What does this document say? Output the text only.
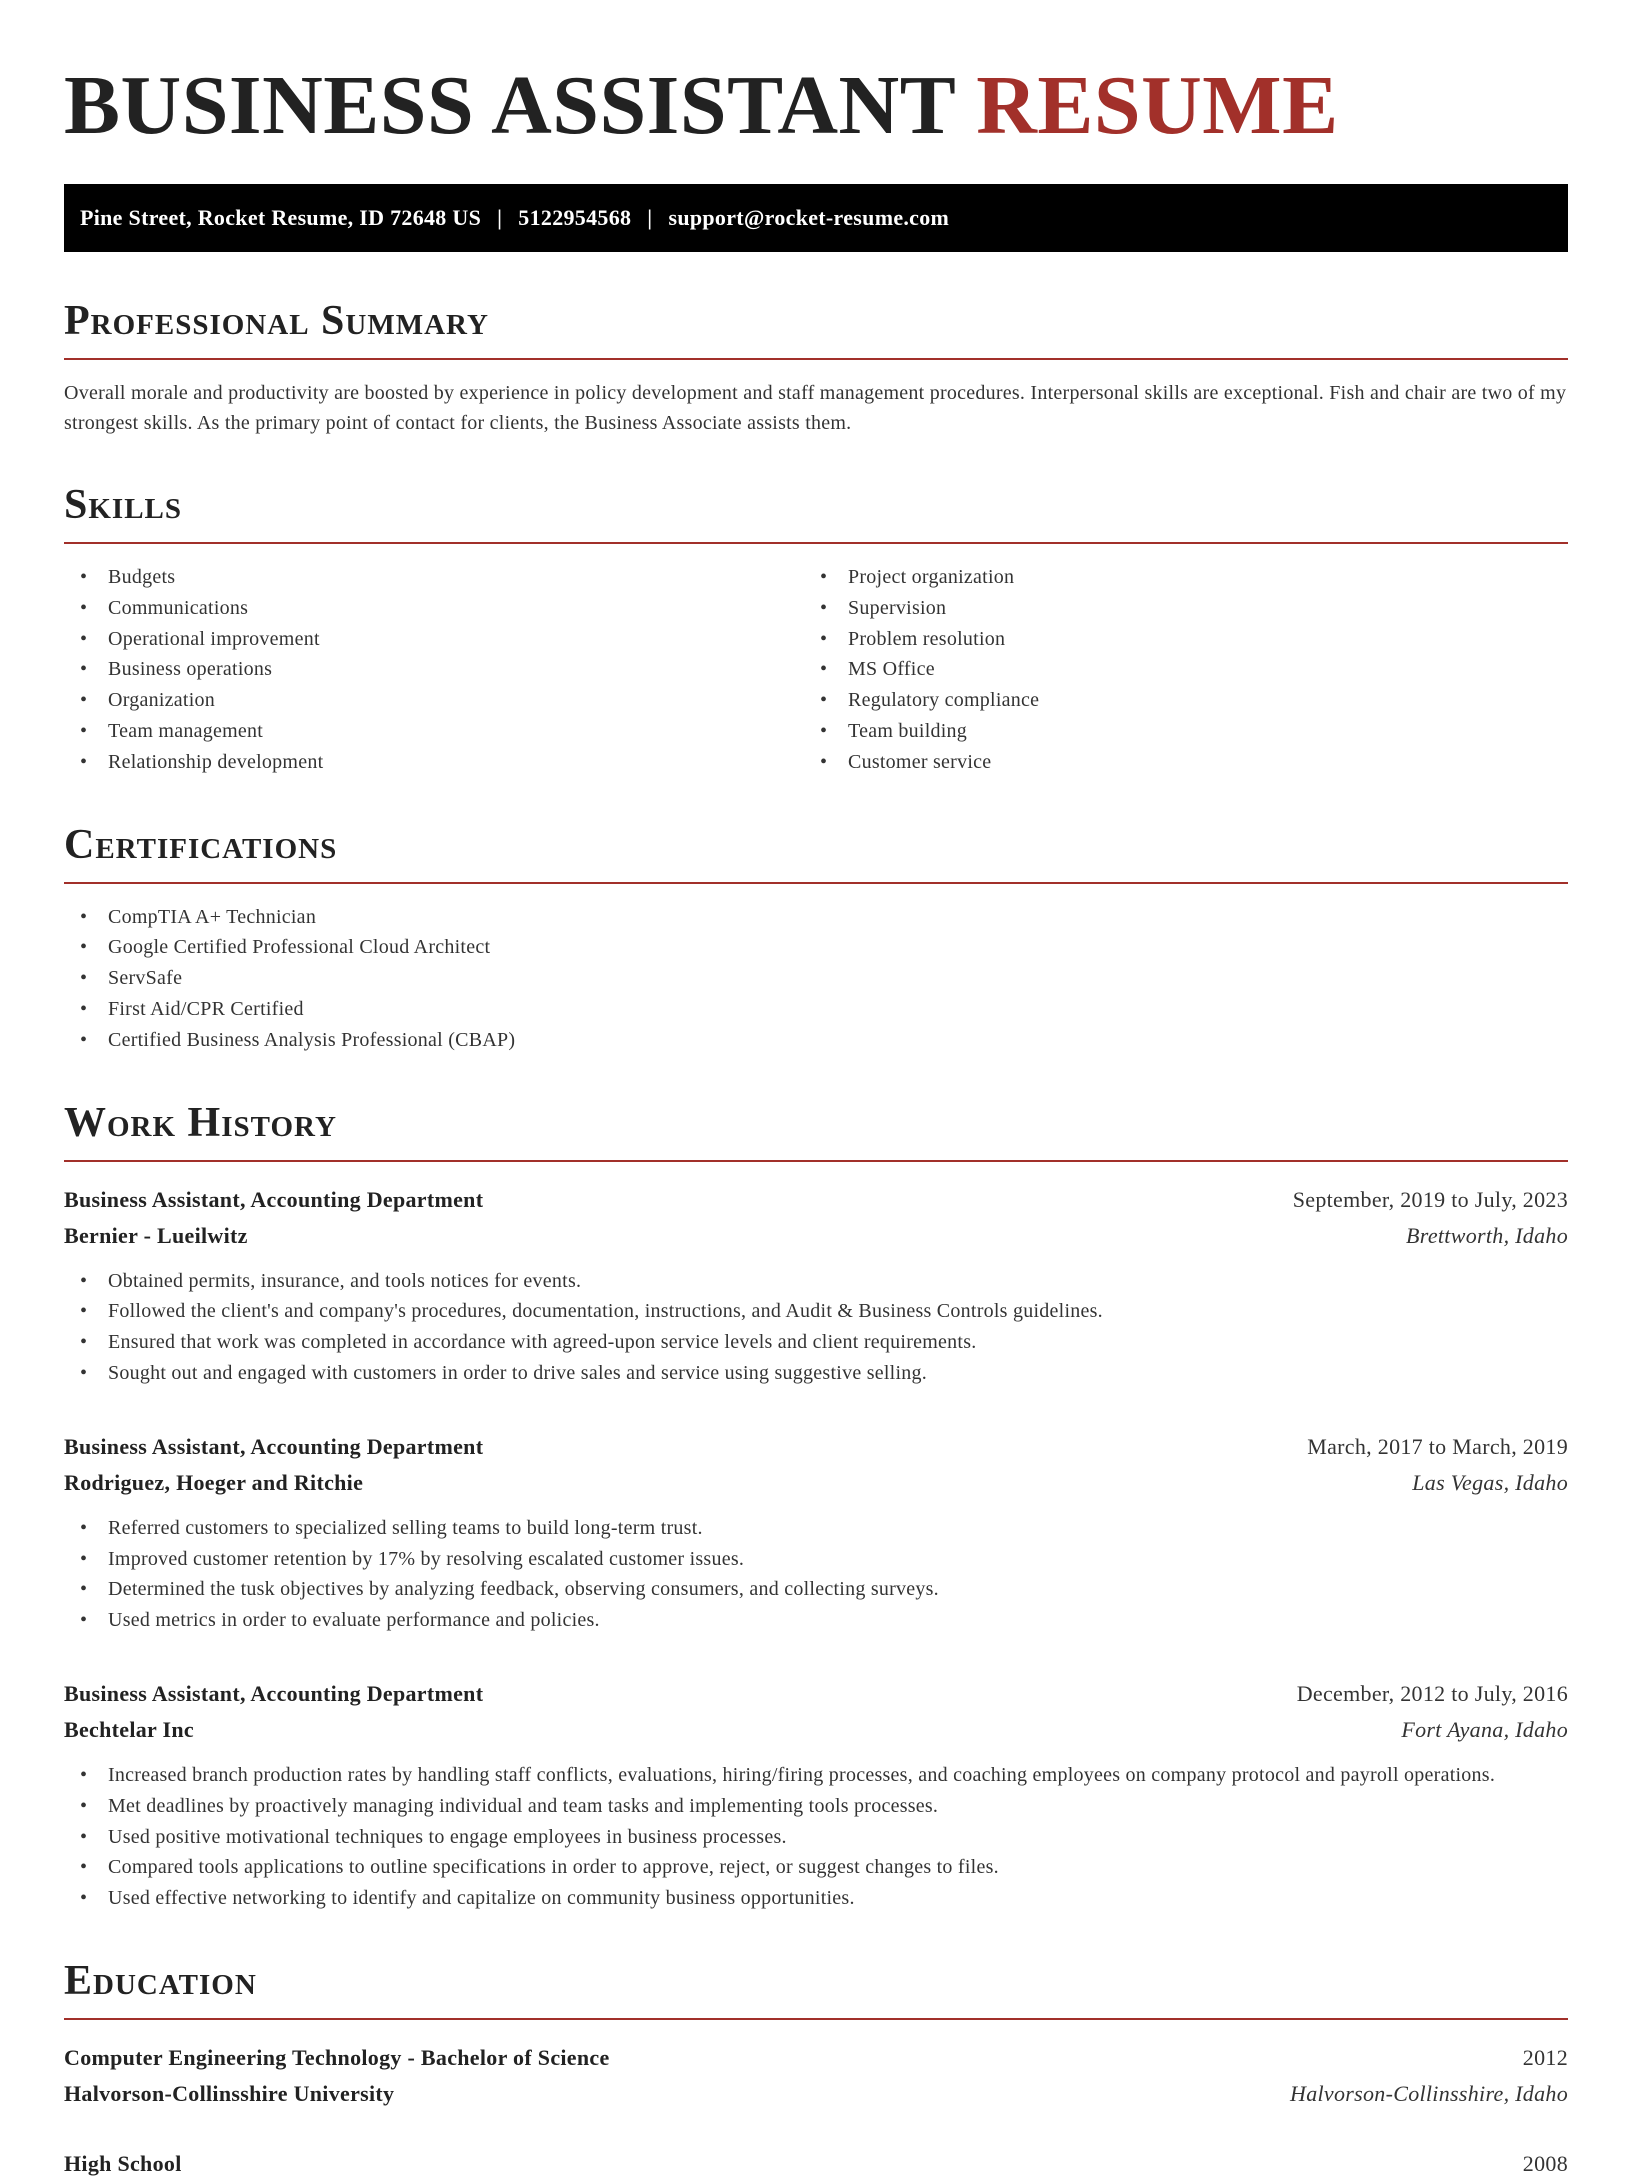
BUSINESS ASSISTANT RESUME
Pine Street, Rocket Resume, ID 72648 US | 5122954568 | support@rocket-resume.com
Professional Summary

Overall morale and productivity are boosted by experience in policy development and staff management procedures. Interpersonal skills are exceptional. Fish and chair are two of my strongest skills. As the primary point of contact for clients, the Business Associate assists them.

Skills
• Budgets
• Communications
• Operational improvement
• Business operations
• Organization
• Team management
• Relationship development
• Project organization
• Supervision
• Problem resolution
• MS Office
• Regulatory compliance
• Team building
• Customer service
Certifications
• CompTIA A+ Technician
• Google Certified Professional Cloud Architect
• ServSafe
• First Aid/CPR Certified
• Certified Business Analysis Professional (CBAP)
Work History
Business Assistant, Accounting Department	September, 2019 to July, 2023
Bernier - Lueilwitz	Brettworth, Idaho
• Obtained permits, insurance, and tools notices for events.
• Followed the client's and company's procedures, documentation, instructions, and Audit & Business Controls guidelines.
• Ensured that work was completed in accordance with agreed-upon service levels and client requirements.
• Sought out and engaged with customers in order to drive sales and service using suggestive selling.
Business Assistant, Accounting Department	March, 2017 to March, 2019
Rodriguez, Hoeger and Ritchie	Las Vegas, Idaho
• Referred customers to specialized selling teams to build long-term trust.
• Improved customer retention by 17% by resolving escalated customer issues.
• Determined the tusk objectives by analyzing feedback, observing consumers, and collecting surveys.
• Used metrics in order to evaluate performance and policies.
Business Assistant, Accounting Department	December, 2012 to July, 2016
Bechtelar Inc	Fort Ayana, Idaho
• Increased branch production rates by handling staff conflicts, evaluations, hiring/firing processes, and coaching employees on company protocol and payroll operations.
• Met deadlines by proactively managing individual and team tasks and implementing tools processes.
• Used positive motivational techniques to engage employees in business processes.
• Compared tools applications to outline specifications in order to approve, reject, or suggest changes to files.
• Used effective networking to identify and capitalize on community business opportunities.
Education
Computer Engineering Technology - Bachelor of Science	2012
Halvorson-Collinsshire University	Halvorson-Collinsshire, Idaho
High School	2008
